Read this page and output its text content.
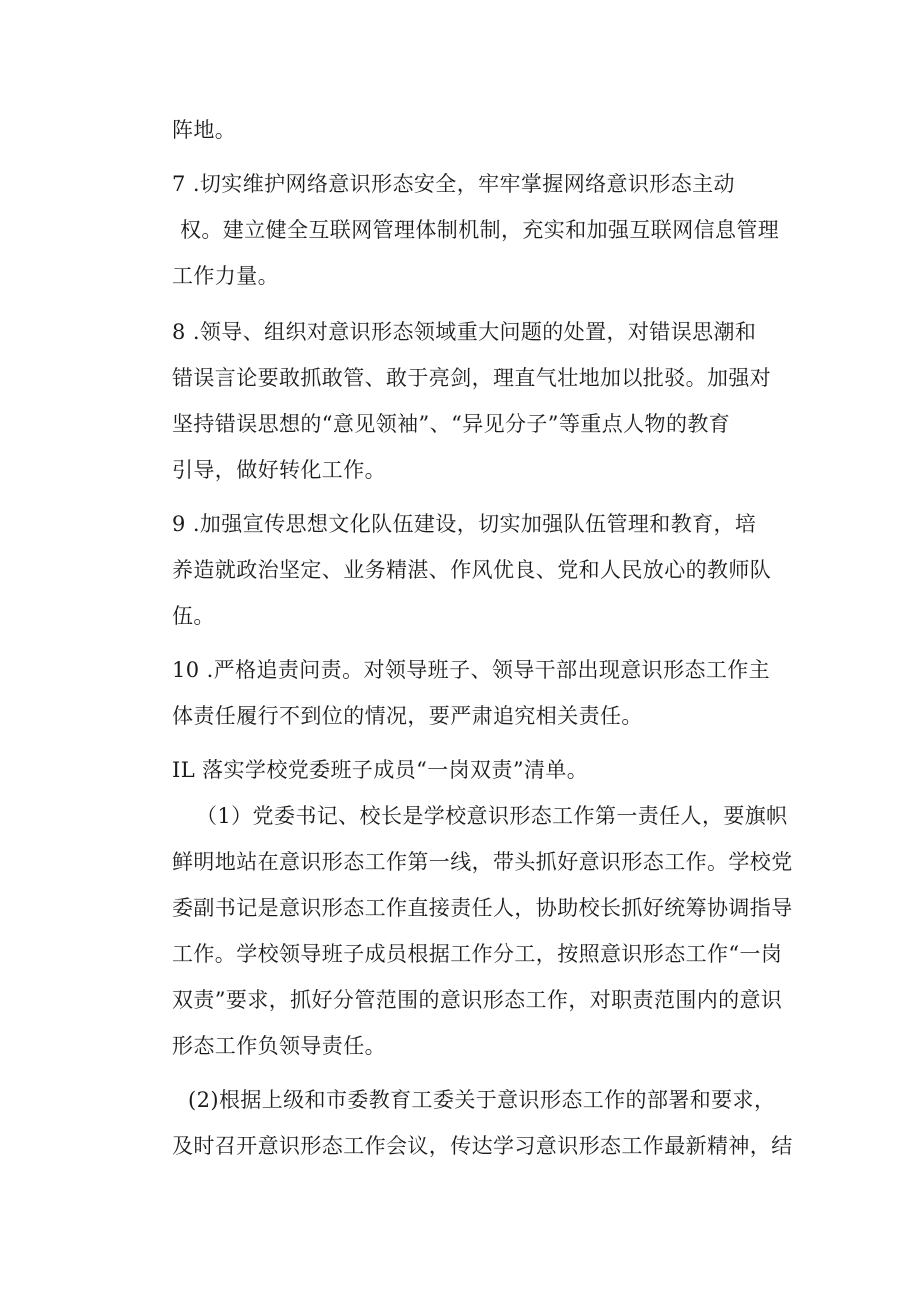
阵地。
7 .切实维护网络意识形态安全，牢牢掌握网络意识形态主动
权。建立健全互联网管理体制机制，充实和加强互联网信息管理
工作力量。
8 .领导、组织对意识形态领域重大问题的处置，对错误思潮和
错误言论要敢抓敢管、敢于亮剑，理直气壮地加以批驳。加强对
坚持错误思想的“意见领袖”、“异见分子”等重点人物的教育
引导，做好转化工作。
9 .加强宣传思想文化队伍建设，切实加强队伍管理和教育，培
养造就政治坚定、业务精湛、作风优良、党和人民放心的教师队
伍。
10 .严格追责问责。对领导班子、领导干部出现意识形态工作主
体责任履行不到位的情况，要严肃追究相关责任。
IL 落实学校党委班子成员“一岗双责”清单。
（1）党委书记、校长是学校意识形态工作第一责任人，要旗帜
鲜明地站在意识形态工作第一线，带头抓好意识形态工作。学校党
委副书记是意识形态工作直接责任人，协助校长抓好统筹协调指导
工作。学校领导班子成员根据工作分工，按照意识形态工作“一岗
双责”要求，抓好分管范围的意识形态工作，对职责范围内的意识
形态工作负领导责任。
(2)根据上级和市委教育工委关于意识形态工作的部署和要求，
及时召开意识形态工作会议，传达学习意识形态工作最新精神，结
